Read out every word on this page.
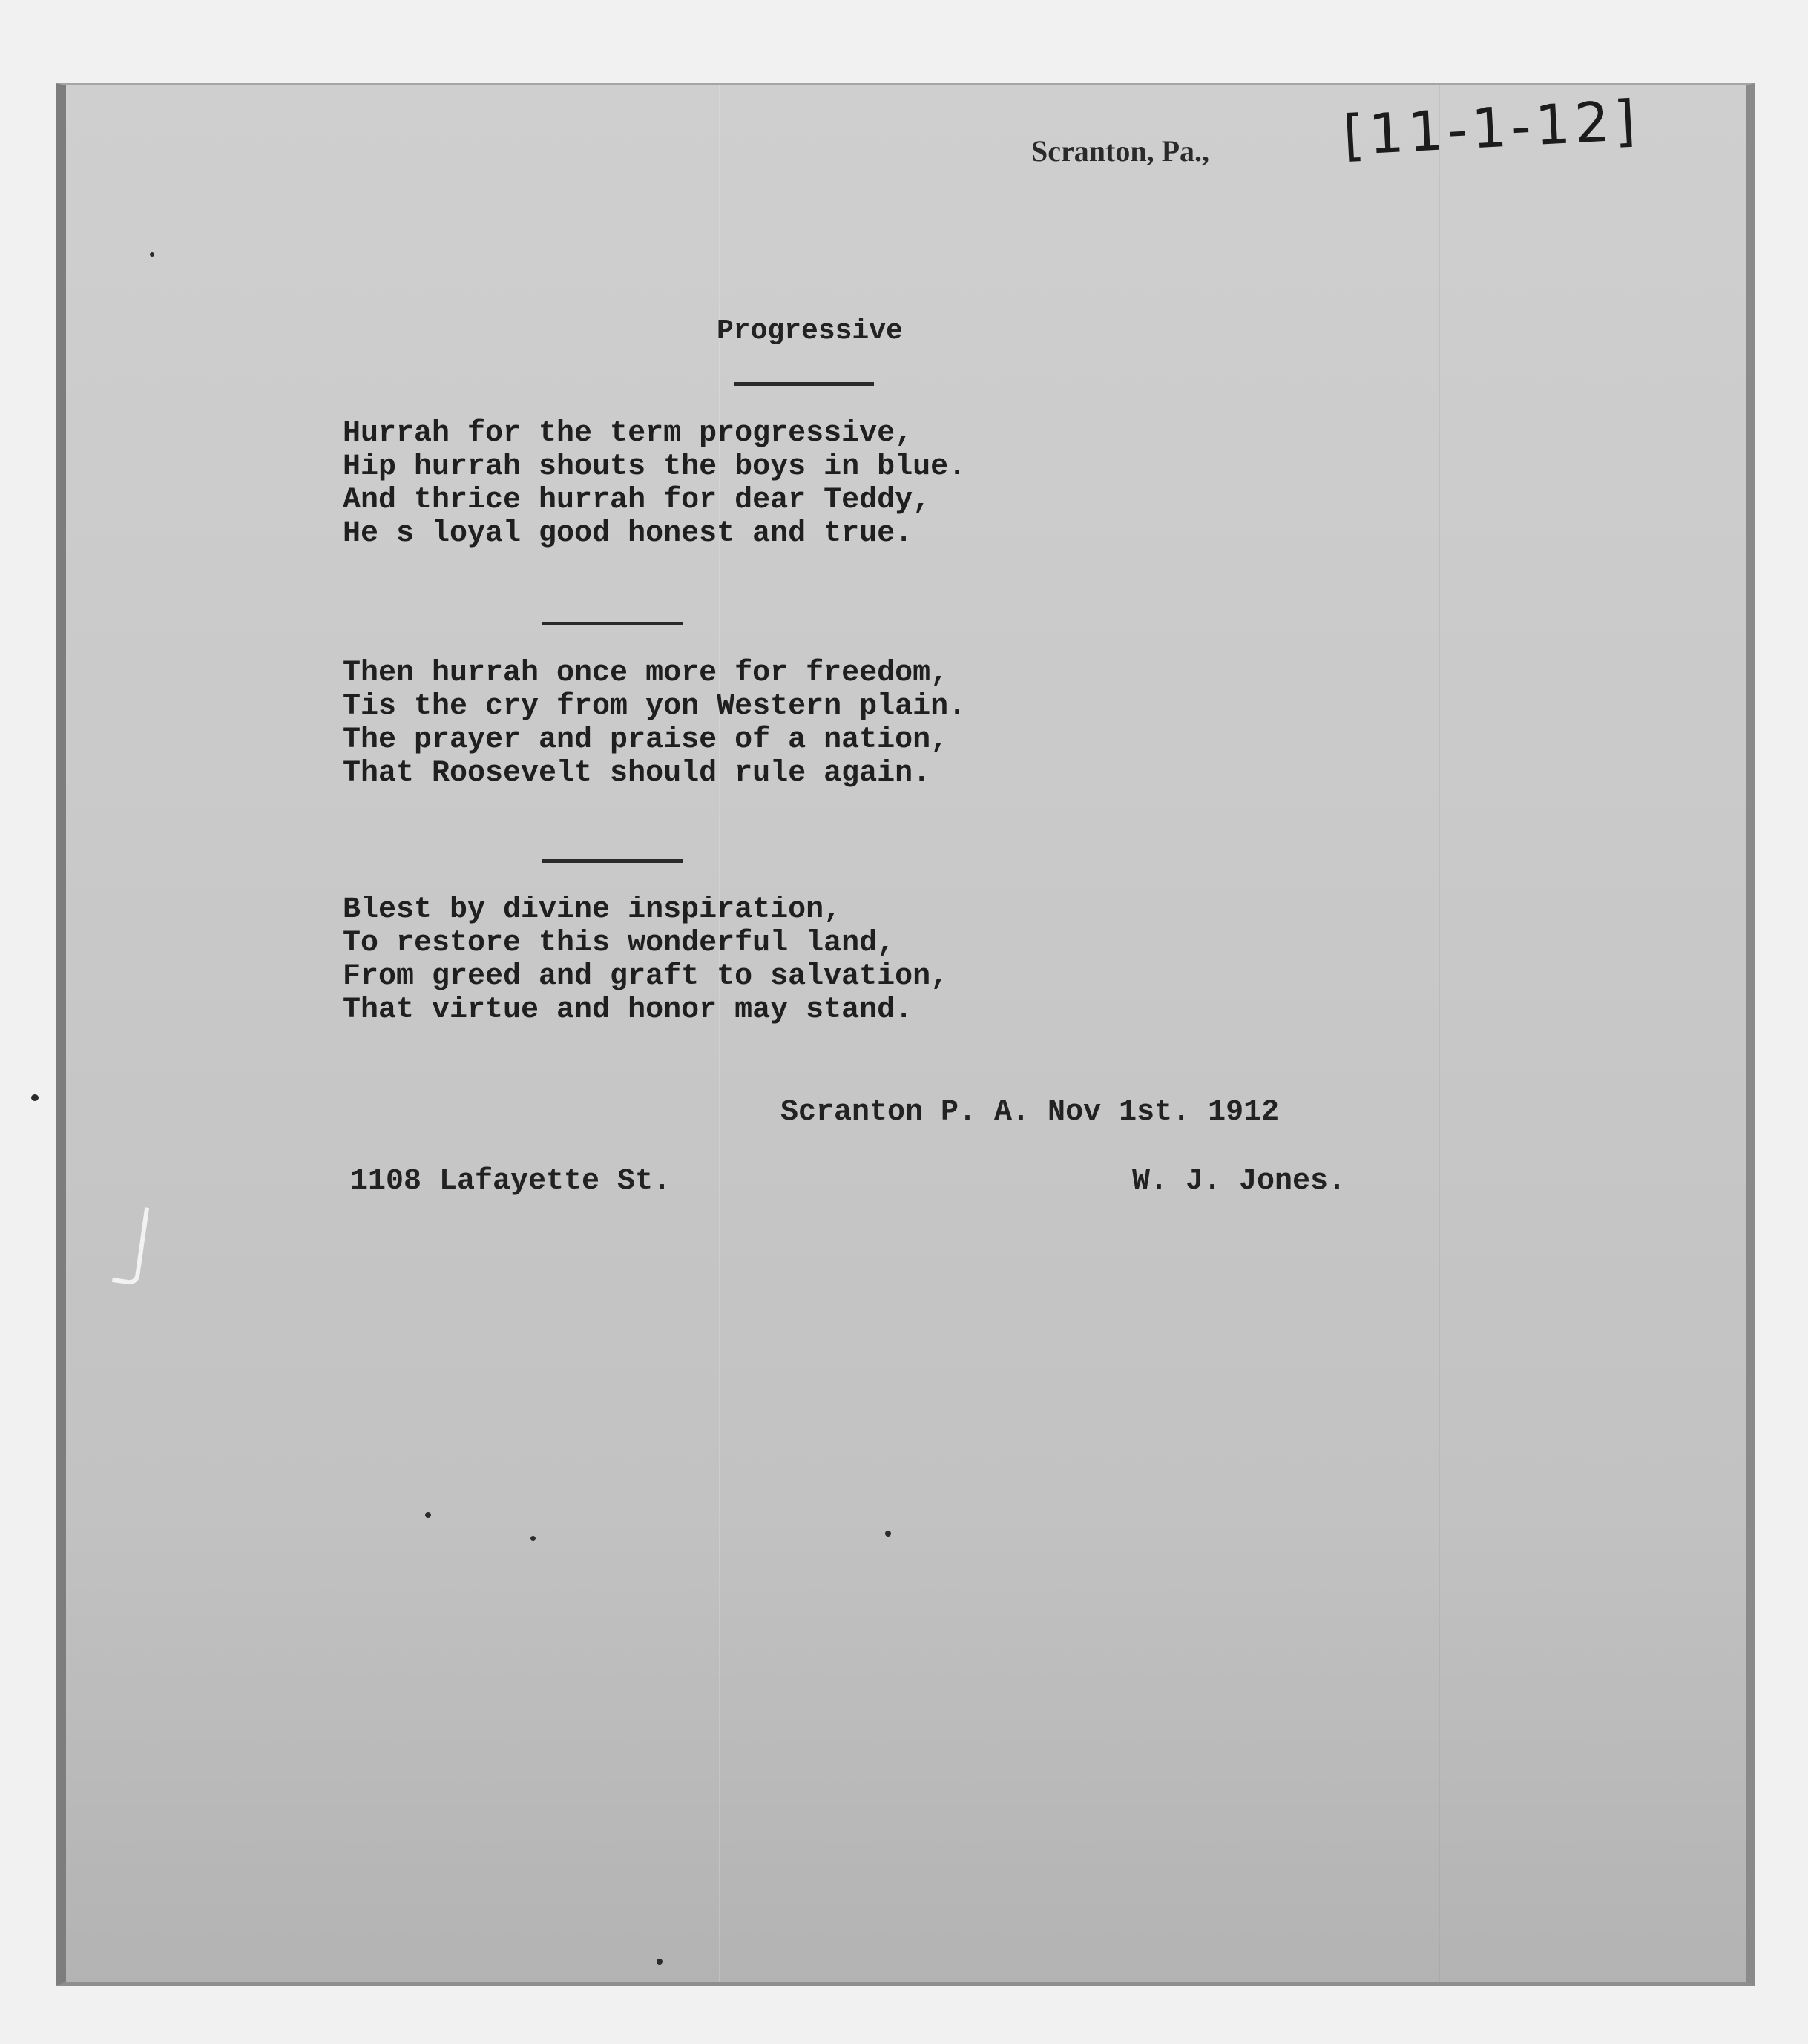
Scranton, Pa., [11-1-12]
Progressive
Hurrah for the term progressive,
Hip hurrah shouts the boys in blue.
And thrice hurrah for dear Teddy,
He s loyal good honest and true.
Then hurrah once more for freedom,
Tis the cry from yon Western plain.
The prayer and praise of a nation,
That Roosevelt should rule again.
Blest by divine inspiration,
To restore this wonderful land,
From greed and graft to salvation,
That virtue and honor may stand.
Scranton P. A. Nov 1st. 1912
1108 Lafayette St.	W. J. Jones.
